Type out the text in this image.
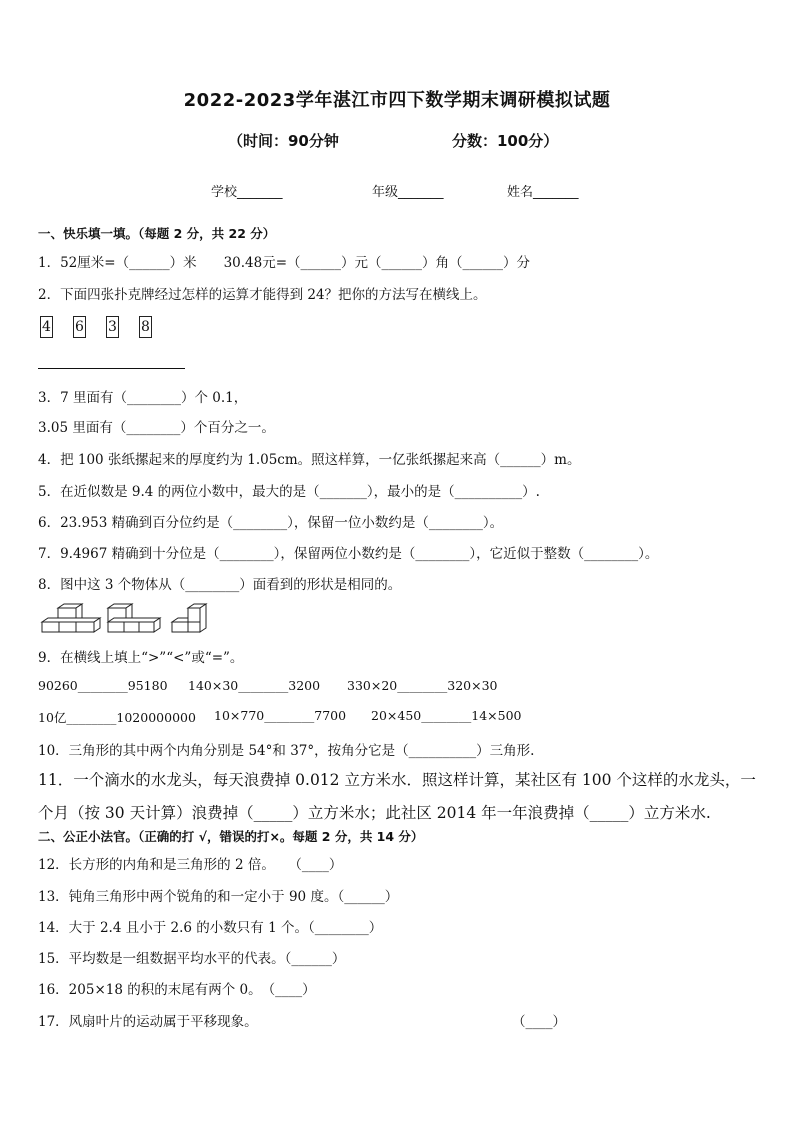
2022-2023学年湛江市四下数学期末调研模拟试题
（时间：90分钟	分数：100分）
学校_______	年级_______	姓名_______
一、快乐填一填。（每题 2 分，共 22 分）
1．52厘米=（______）米　　30.48元=（______）元（______）角（______）分
2．下面四张扑克牌经过怎样的运算才能得到 24？把你的方法写在横线上。
4 6 3 8
3．7 里面有（________）个 0.1，
3.05 里面有（________）个百分之一。
4．把 100 张纸摞起来的厚度约为 1.05cm。照这样算，一亿张纸摞起来高（______）m。
5．在近似数是 9.4 的两位小数中，最大的是（_______），最小的是（__________）.
6．23.953 精确到百分位约是（________），保留一位小数约是（________）。
7．9.4967 精确到十分位是（________），保留两位小数约是（________），它近似于整数（________）。
8．图中这 3 个物体从（________）面看到的形状是相同的。
9．在横线上填上“>”“<”或“=”。
90260________95180 140×30________3200 330×20________320×30
10亿________1020000000 10×770________7700 20×450________14×500
10．三角形的其中两个内角分别是 54°和 37°，按角分它是（__________）三角形.
11．一个滴水的水龙头，每天浪费掉 0.012 立方米水．照这样计算，某社区有 100 个这样的水龙头，一
个月（按 30 天计算）浪费掉（_____）立方米水；此社区 2014 年一年浪费掉（_____）立方米水.
二、公正小法官。（正确的打 √，错误的打×。每题 2 分，共 14 分）
12．长方形的内角和是三角形的 2 倍。　　（____）
13．钝角三角形中两个锐角的和一定小于 90 度。（______）
14．大于 2.4 且小于 2.6 的小数只有 1 个。（________）
15．平均数是一组数据平均水平的代表。（______）
16．205×18 的积的末尾有两个 0。　（____）
17．风扇叶片的运动属于平移现象。	（____）
